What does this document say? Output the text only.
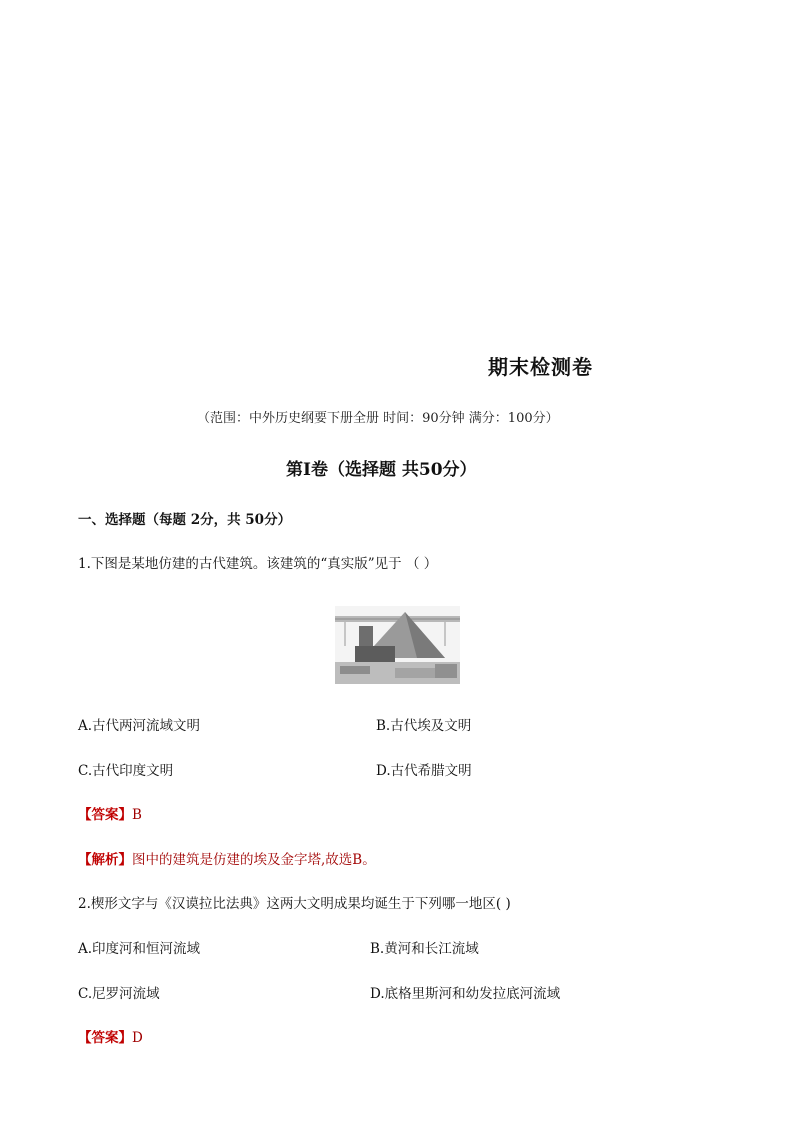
期末检测卷
（范围：中外历史纲要下册全册 时间：90分钟 满分：100分）
第Ⅰ卷（选择题 共50分）
一、选择题（每题 2分，共 50分）
1.下图是某地仿建的古代建筑。该建筑的“真实版”见于 （ ）
A.古代两河流域文明	B.古代埃及文明
C.古代印度文明	D.古代希腊文明
【答案】B
【解析】图中的建筑是仿建的埃及金字塔,故选B。
2.楔形文字与《汉谟拉比法典》这两大文明成果均诞生于下列哪一地区( )
A.印度河和恒河流域	B.黄河和长江流域
C.尼罗河流域	D.底格里斯河和幼发拉底河流域
【答案】D
